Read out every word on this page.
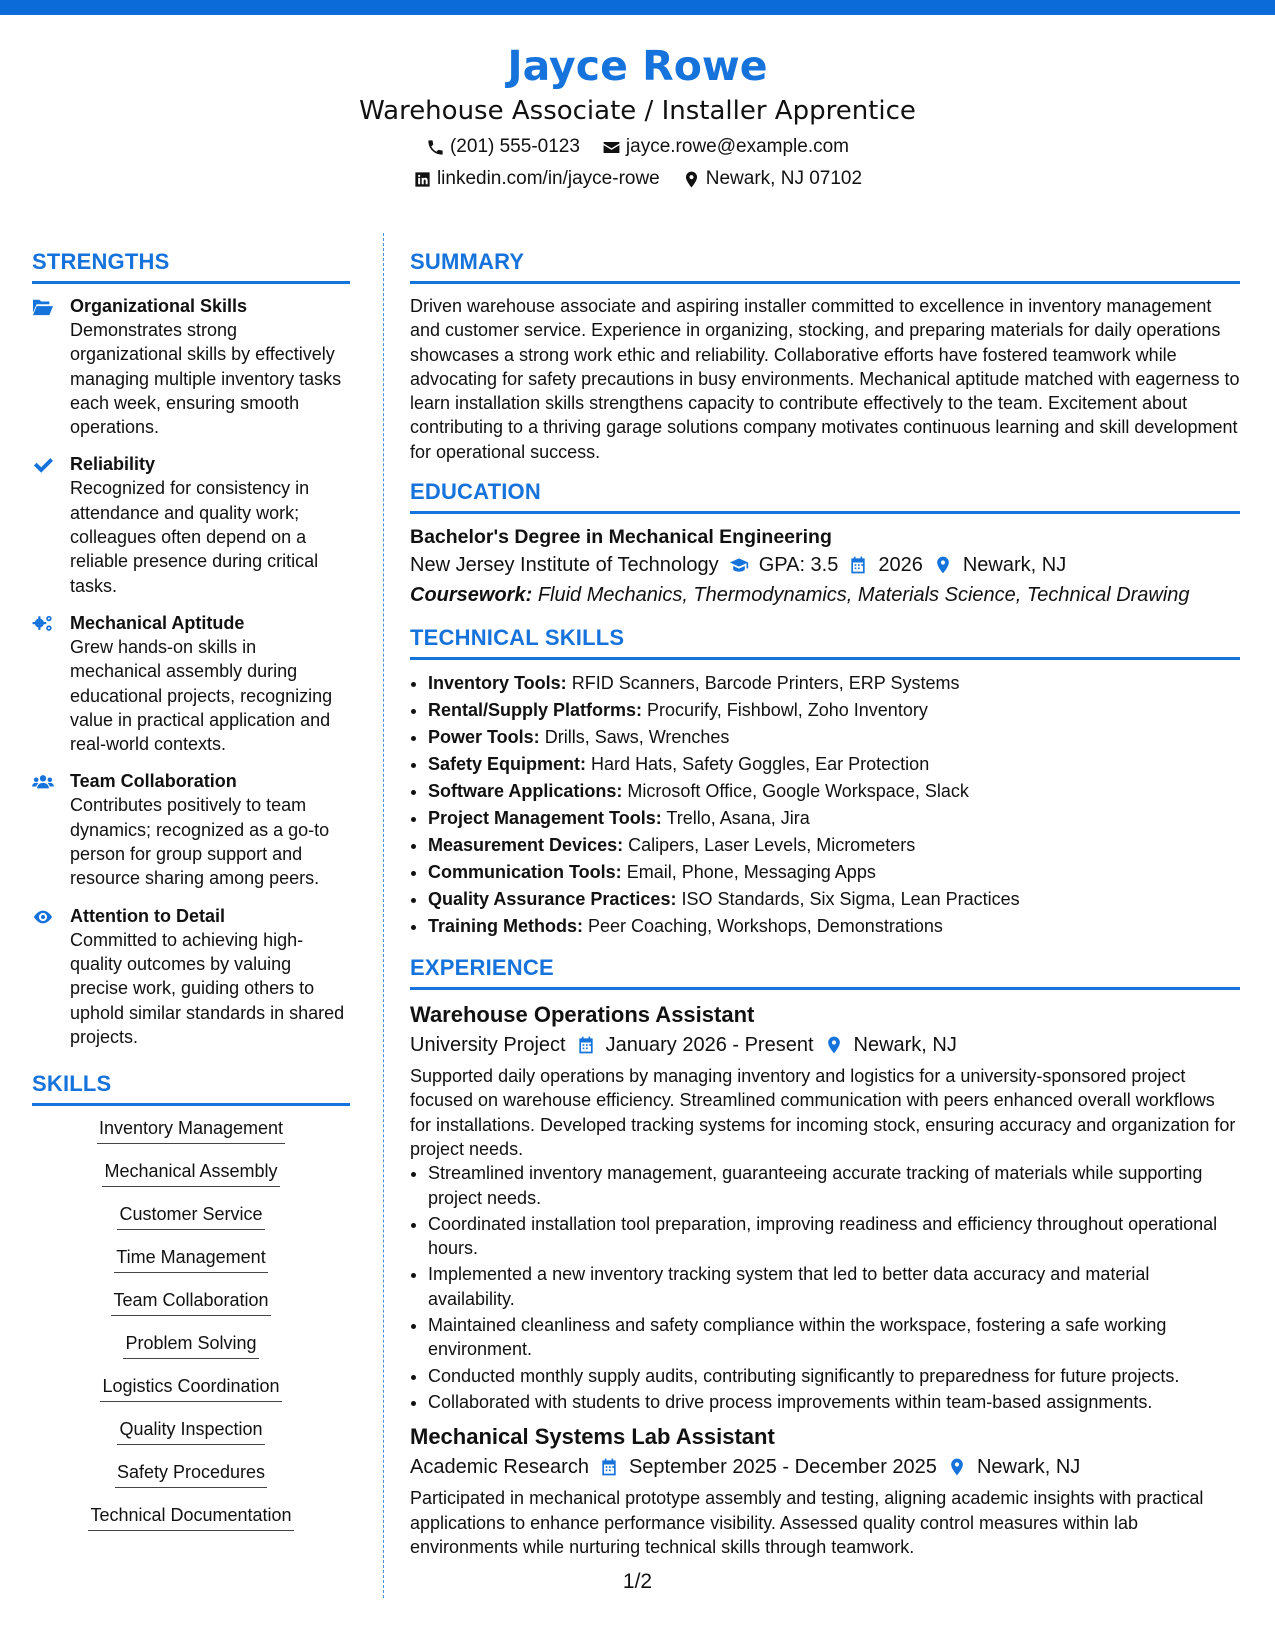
Jayce Rowe
Warehouse Associate / Installer Apprentice
(201) 555-0123 jayce.rowe@example.com
linkedin.com/in/jayce-rowe Newark, NJ 07102
STRENGTHS
Organizational Skills
Demonstrates strong organizational skills by effectively managing multiple inventory tasks each week, ensuring smooth operations.
Reliability
Recognized for consistency in attendance and quality work; colleagues often depend on a reliable presence during critical tasks.
Mechanical Aptitude
Grew hands-on skills in mechanical assembly during educational projects, recognizing value in practical application and real-world contexts.
Team Collaboration
Contributes positively to team dynamics; recognized as a go-to person for group support and resource sharing among peers.
Attention to Detail
Committed to achieving high-quality outcomes by valuing precise work, guiding others to uphold similar standards in shared projects.
SKILLS
Inventory Management
Mechanical Assembly
Customer Service
Time Management
Team Collaboration
Problem Solving
Logistics Coordination
Quality Inspection
Safety Procedures
Technical Documentation
SUMMARY

Driven warehouse associate and aspiring installer committed to excellence in inventory management and customer service. Experience in organizing, stocking, and preparing materials for daily operations showcases a strong work ethic and reliability. Collaborative efforts have fostered teamwork while advocating for safety precautions in busy environments. Mechanical aptitude matched with eagerness to learn installation skills strengthens capacity to contribute effectively to the team. Excitement about contributing to a thriving garage solutions company motivates continuous learning and skill development for operational success.

EDUCATION
Bachelor's Degree in Mechanical Engineering
New Jersey Institute of Technology GPA: 3.5 2026 Newark, NJ
Coursework: Fluid Mechanics, Thermodynamics, Materials Science, Technical Drawing
TECHNICAL SKILLS
• Inventory Tools: RFID Scanners, Barcode Printers, ERP Systems
• Rental/Supply Platforms: Procurify, Fishbowl, Zoho Inventory
• Power Tools: Drills, Saws, Wrenches
• Safety Equipment: Hard Hats, Safety Goggles, Ear Protection
• Software Applications: Microsoft Office, Google Workspace, Slack
• Project Management Tools: Trello, Asana, Jira
• Measurement Devices: Calipers, Laser Levels, Micrometers
• Communication Tools: Email, Phone, Messaging Apps
• Quality Assurance Practices: ISO Standards, Six Sigma, Lean Practices
• Training Methods: Peer Coaching, Workshops, Demonstrations
EXPERIENCE
Warehouse Operations Assistant
University Project January 2026 - Present Newark, NJ

Supported daily operations by managing inventory and logistics for a university-sponsored project focused on warehouse efficiency. Streamlined communication with peers enhanced overall workflows for installations. Developed tracking systems for incoming stock, ensuring accuracy and organization for project needs.

• Streamlined inventory management, guaranteeing accurate tracking of materials while supporting project needs.
• Coordinated installation tool preparation, improving readiness and efficiency throughout operational hours.
• Implemented a new inventory tracking system that led to better data accuracy and material availability.
• Maintained cleanliness and safety compliance within the workspace, fostering a safe working environment.
• Conducted monthly supply audits, contributing significantly to preparedness for future projects.
• Collaborated with students to drive process improvements within team-based assignments.
Mechanical Systems Lab Assistant
Academic Research September 2025 - December 2025 Newark, NJ

Participated in mechanical prototype assembly and testing, aligning academic insights with practical applications to enhance performance visibility. Assessed quality control measures within lab environments while nurturing technical skills through teamwork.

1/2
